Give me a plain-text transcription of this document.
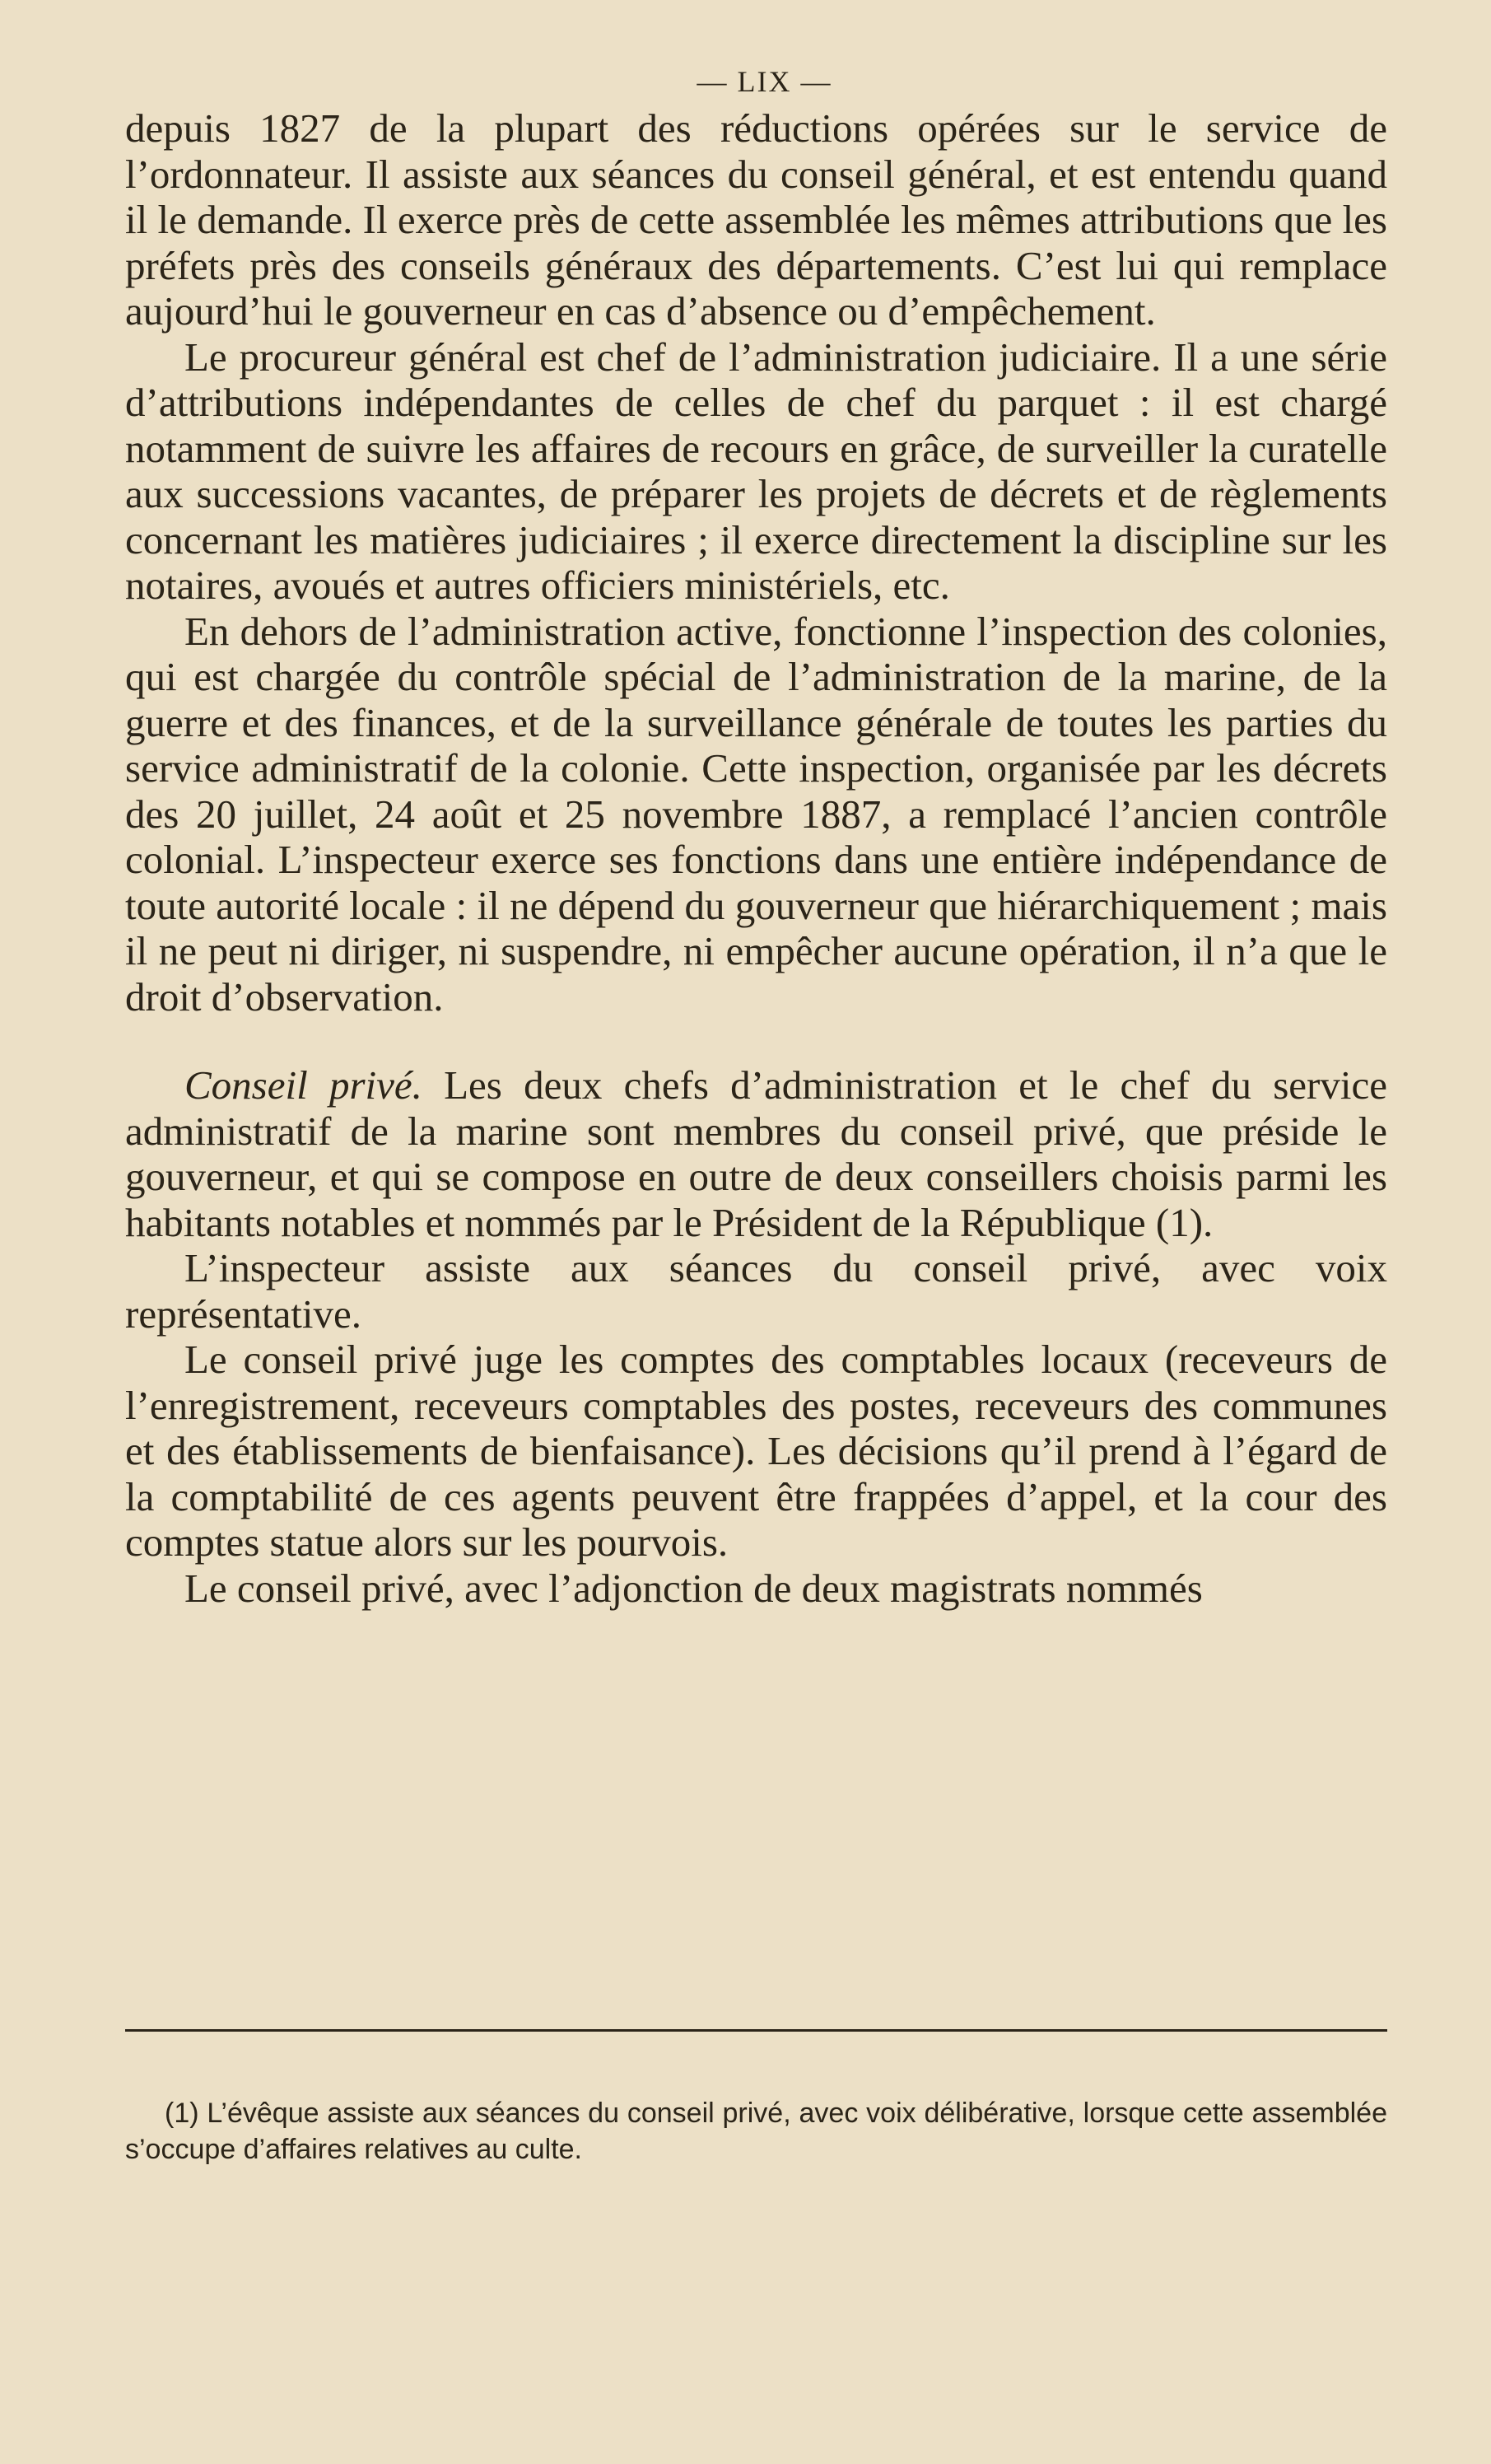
— LIX —

depuis 1827 de la plupart des réductions opérées sur le service de l’ordonnateur. Il assiste aux séances du conseil général, et est entendu quand il le demande. Il exerce près de cette assemblée les mêmes attributions que les préfets près des conseils généraux des départements. C’est lui qui remplace aujourd’hui le gouverneur en cas d’absence ou d’empêchement.

Le procureur général est chef de l’administration judiciaire. Il a une série d’attributions indépendantes de celles de chef du parquet : il est chargé notamment de suivre les affaires de recours en grâce, de surveiller la curatelle aux successions vacantes, de préparer les projets de décrets et de règlements concernant les matières judiciaires ; il exerce directement la discipline sur les notaires, avoués et autres officiers ministériels, etc.

En dehors de l’administration active, fonctionne l’inspection des colonies, qui est chargée du contrôle spécial de l’administration de la marine, de la guerre et des finances, et de la surveillance générale de toutes les parties du service administratif de la colonie. Cette inspection, organisée par les décrets des 20 juillet, 24 août et 25 novembre 1887, a remplacé l’ancien contrôle colonial. L’inspecteur exerce ses fonctions dans une entière indépendance de toute autorité locale : il ne dépend du gouverneur que hiérarchiquement ; mais il ne peut ni diriger, ni suspendre, ni empêcher aucune opération, il n’a que le droit d’observation.

Conseil privé. Les deux chefs d’administration et le chef du service administratif de la marine sont membres du conseil privé, que préside le gouverneur, et qui se compose en outre de deux conseillers choisis parmi les habitants notables et nommés par le Président de la République (1).

L’inspecteur assiste aux séances du conseil privé, avec voix représentative.

Le conseil privé juge les comptes des comptables locaux (receveurs de l’enregistrement, receveurs comptables des postes, receveurs des communes et des établissements de bienfaisance). Les décisions qu’il prend à l’égard de la comptabilité de ces agents peuvent être frappées d’appel, et la cour des comptes statue alors sur les pourvois.

Le conseil privé, avec l’adjonction de deux magistrats nommés

(1) L’évêque assiste aux séances du conseil privé, avec voix délibérative, lorsque cette assemblée s’occupe d’affaires relatives au culte.
